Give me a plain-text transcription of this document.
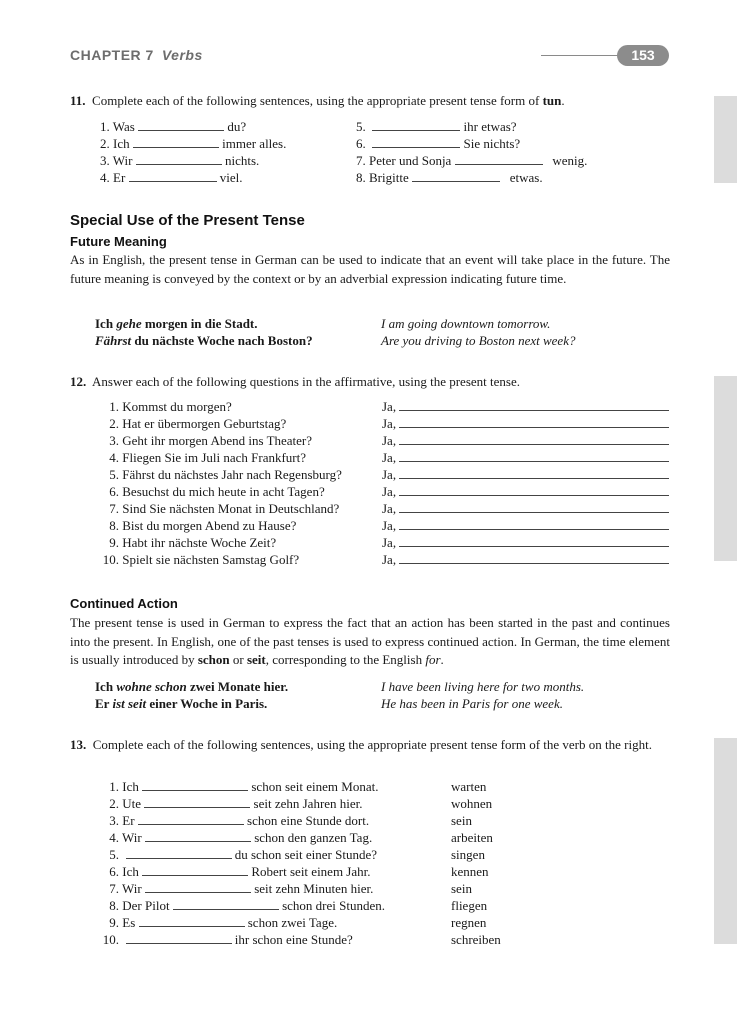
CHAPTER 7 Verbs	153
11. Complete each of the following sentences, using the appropriate present tense form of tun.
1. Was	du?
2. Ich	immer alles.
3. Wir	nichts.
4. Er	viel.
5.	ihr etwas?
6.	Sie nichts?
7. Peter und Sonja	wenig.
8. Brigitte	etwas.
Special Use of the Present Tense
Future Meaning
As in English, the present tense in German can be used to indicate that an event will take place in the future. The future meaning is conveyed by the context or by an adverbial expression indicating future time.
Ich gehe morgen in die Stadt.	I am going downtown tomorrow.
Fährst du nächste Woche nach Boston?	Are you driving to Boston next week?
12. Answer each of the following questions in the affirmative, using the present tense.
1. Kommst du morgen?	Ja,
2. Hat er übermorgen Geburtstag?	Ja,
3. Geht ihr morgen Abend ins Theater?	Ja,
4. Fliegen Sie im Juli nach Frankfurt?	Ja,
5. Fährst du nächstes Jahr nach Regensburg?	Ja,
6. Besuchst du mich heute in acht Tagen?	Ja,
7. Sind Sie nächsten Monat in Deutschland?	Ja,
8. Bist du morgen Abend zu Hause?	Ja,
9. Habt ihr nächste Woche Zeit?	Ja,
10. Spielt sie nächsten Samstag Golf?	Ja,
Continued Action
The present tense is used in German to express the fact that an action has been started in the past and continues into the present. In English, one of the past tenses is used to express continued action. In German, the time element is usually introduced by schon or seit, corresponding to the English for.
Ich wohne schon zwei Monate hier.	I have been living here for two months.
Er ist seit einer Woche in Paris.	He has been in Paris for one week.
13. Complete each of the following sentences, using the appropriate present tense form of the verb on the right.
1. Ich	schon seit einem Monat.	warten
2. Ute	seit zehn Jahren hier.	wohnen
3. Er	schon eine Stunde dort.	sein
4. Wir	schon den ganzen Tag.	arbeiten
5.	du schon seit einer Stunde?	singen
6. Ich	Robert seit einem Jahr.	kennen
7. Wir	seit zehn Minuten hier.	sein
8. Der Pilot	schon drei Stunden.	fliegen
9. Es	schon zwei Tage.	regnen
10.	ihr schon eine Stunde?	schreiben
